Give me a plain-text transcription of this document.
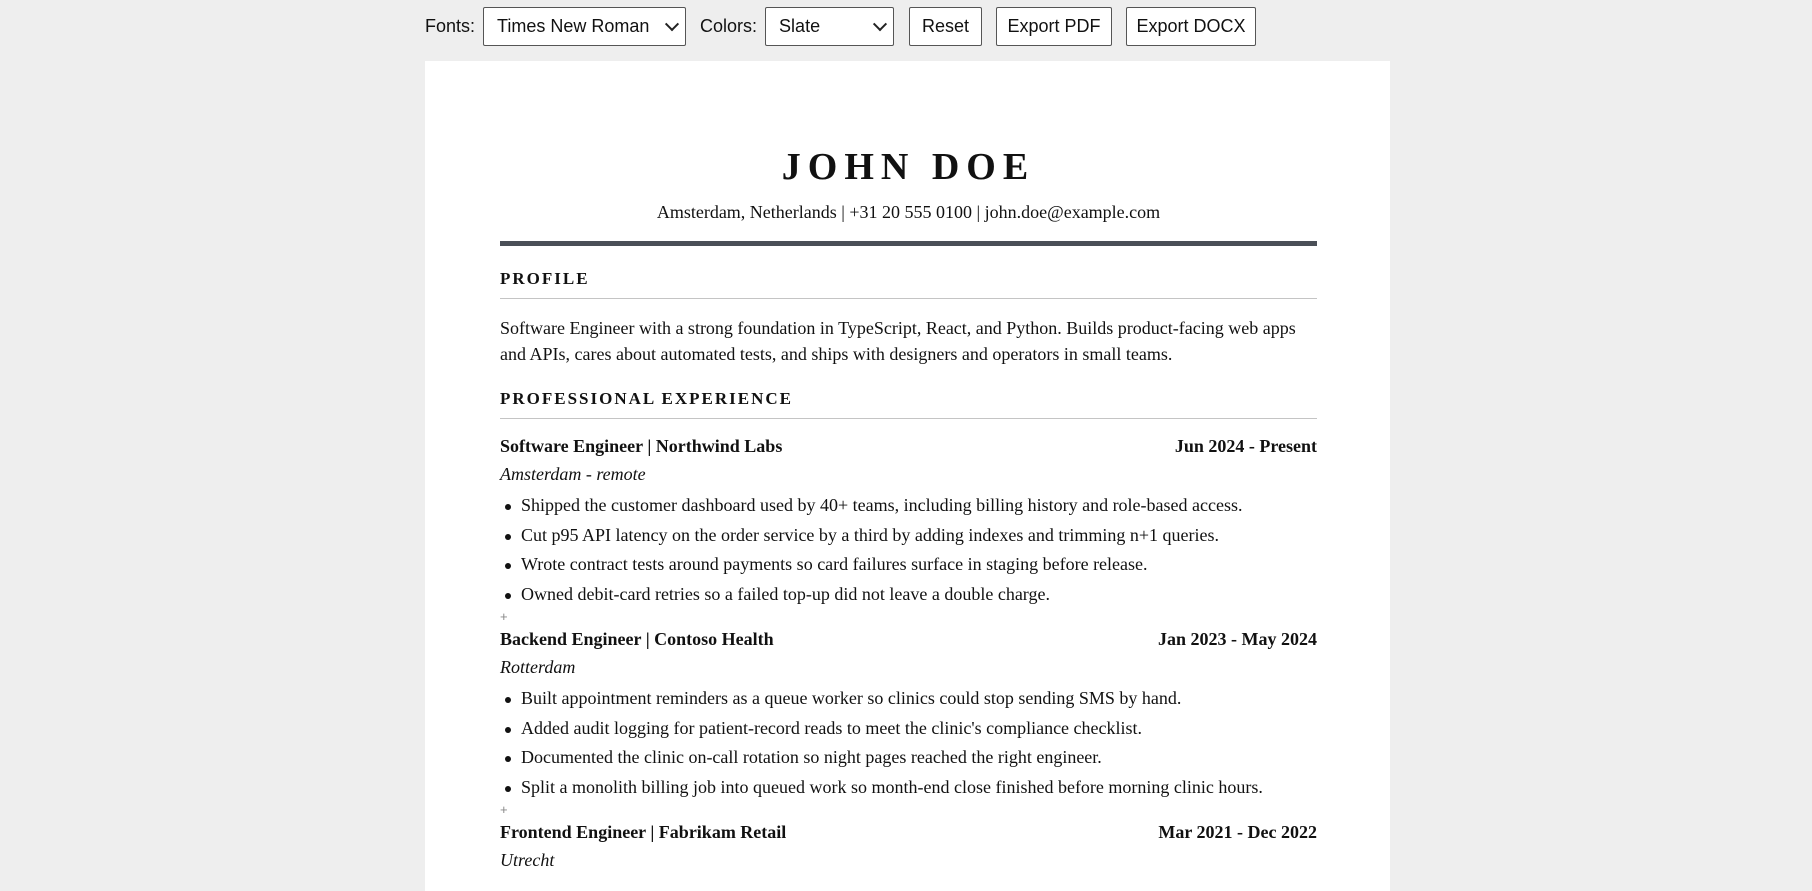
Fonts: Times New Roman	Colors: Slate	Reset	Export PDF	Export DOCX
JOHN DOE
Amsterdam, Netherlands | +31 20 555 0100 | john.doe@example.com
PROFILE
Software Engineer with a strong foundation in TypeScript, React, and Python. Builds product-facing web apps and APIs, cares about automated tests, and ships with designers and operators in small teams.
PROFESSIONAL EXPERIENCE
Software Engineer | Northwind Labs	Jun 2024 - Present
Amsterdam - remote
Shipped the customer dashboard used by 40+ teams, including billing history and role-based access.
Cut p95 API latency on the order service by a third by adding indexes and trimming n+1 queries.
Wrote contract tests around payments so card failures surface in staging before release.
Owned debit-card retries so a failed top-up did not leave a double charge.
+
Backend Engineer | Contoso Health	Jan 2023 - May 2024
Rotterdam
Built appointment reminders as a queue worker so clinics could stop sending SMS by hand.
Added audit logging for patient-record reads to meet the clinic's compliance checklist.
Documented the clinic on-call rotation so night pages reached the right engineer.
Split a monolith billing job into queued work so month-end close finished before morning clinic hours.
+
Frontend Engineer | Fabrikam Retail	Mar 2021 - Dec 2022
Utrecht
